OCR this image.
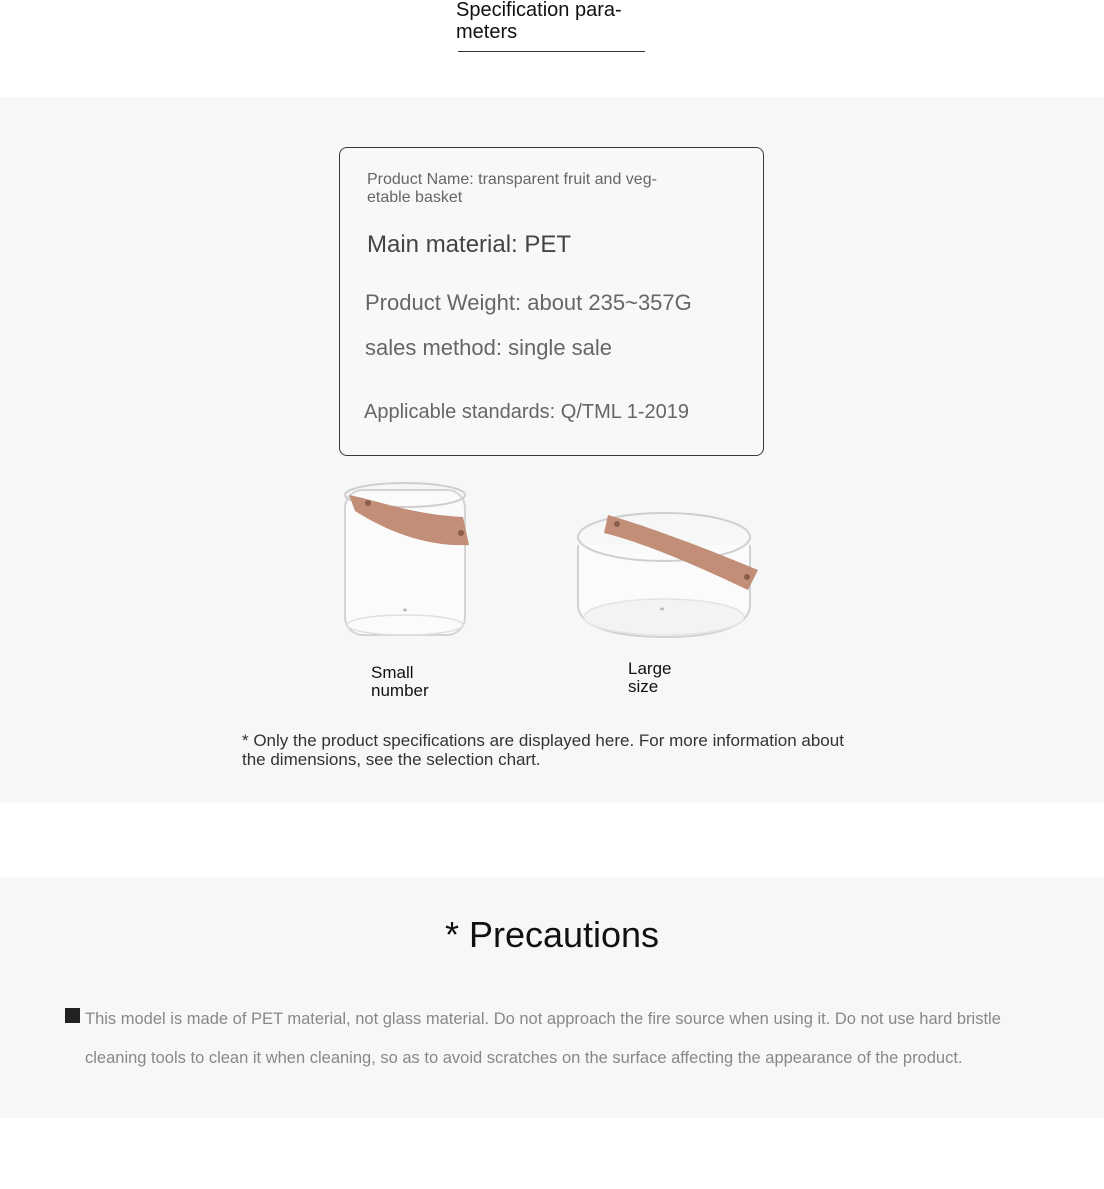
Specification para-
meters
Product Name: transparent fruit and veg-
etable basket
Main material: PET
Product Weight: about 235~357G
sales method: single sale
Applicable standards: Q/TML 1-2019
Small
number
Large
size
* Only the product specifications are displayed here. For more information about the dimensions, see the selection chart.
* Precautions
This model is made of PET material, not glass material. Do not approach the fire source when using it. Do not use hard bristle cleaning tools to clean it when cleaning, so as to avoid scratches on the surface affecting the appearance of the product.
